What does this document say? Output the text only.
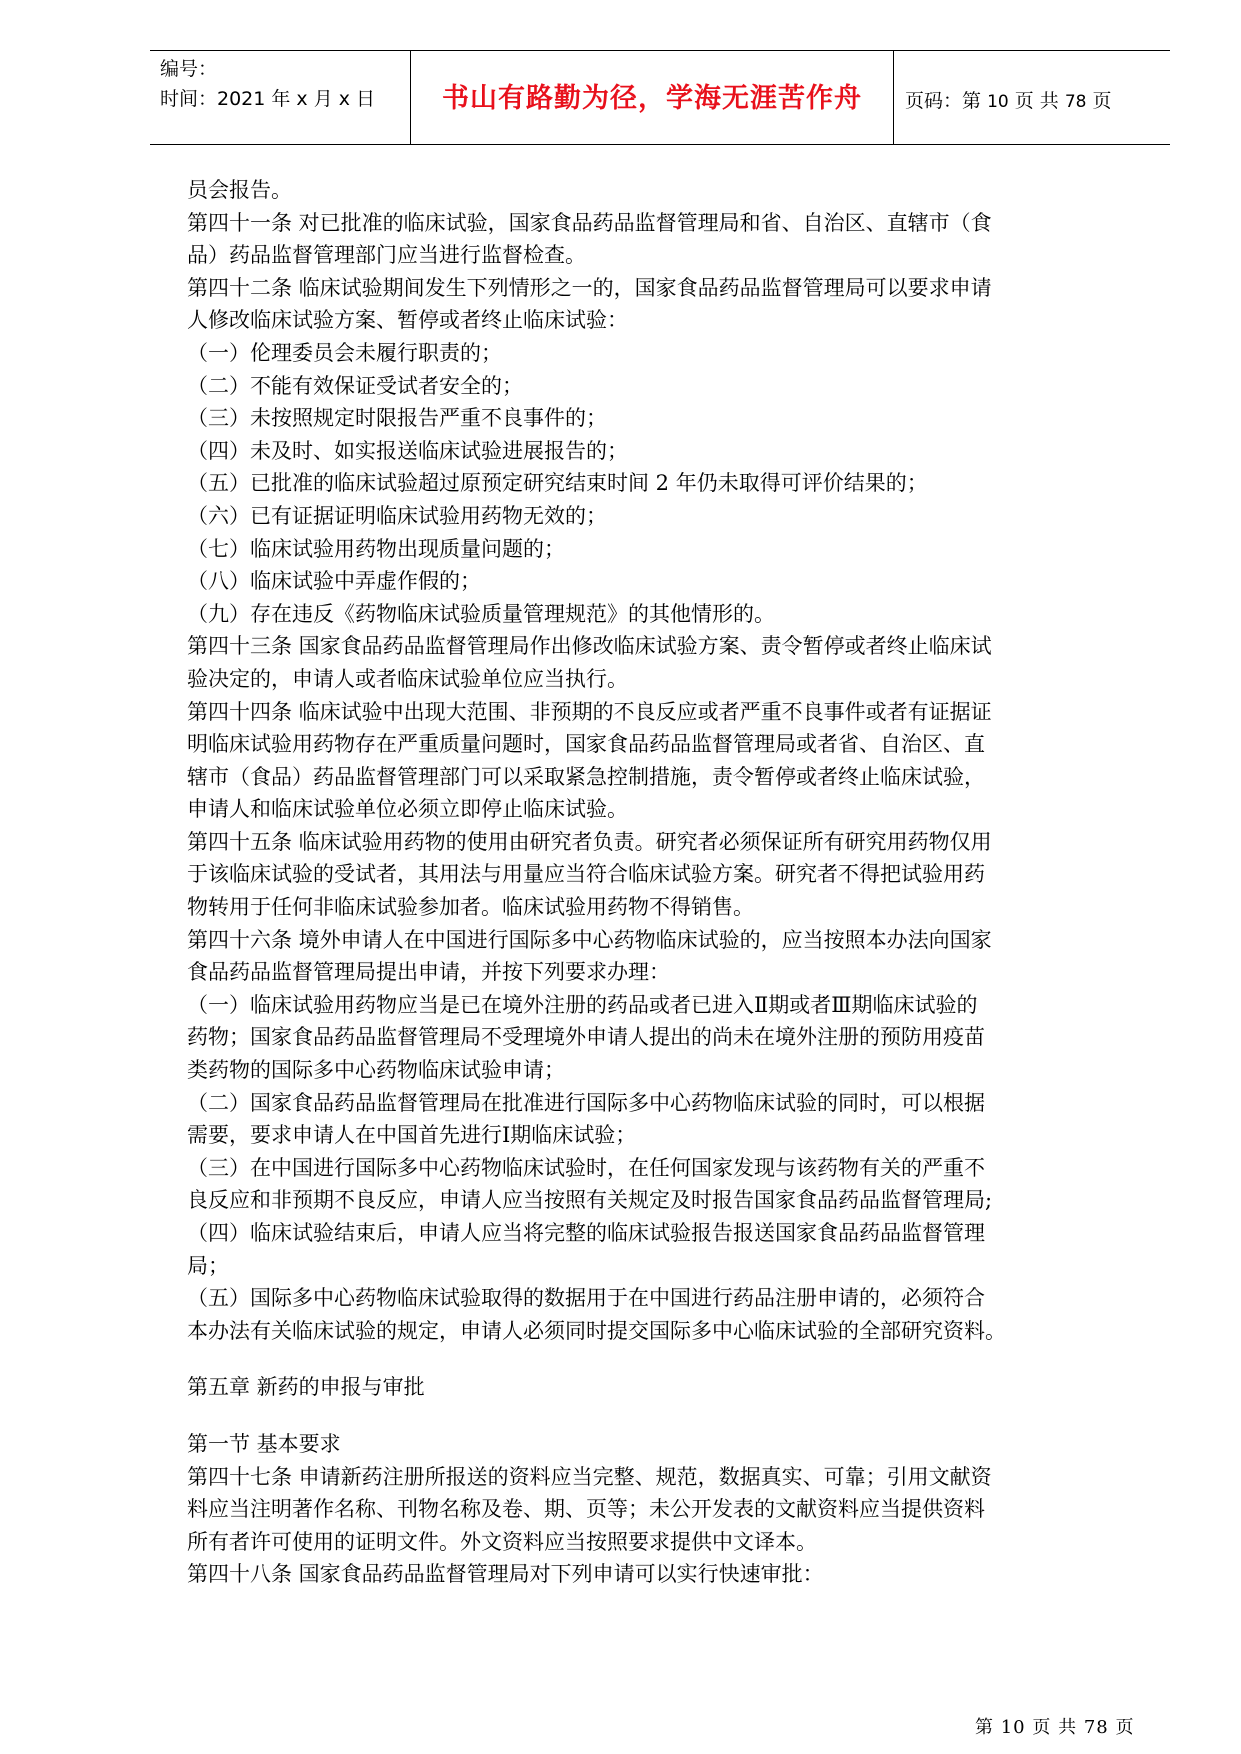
编号：
时间：2021 年 x 月 x 日	书山有路勤为径，学海无涯苦作舟	页码：第 10 页 共 78 页

员会报告。

第四十一条 对已批准的临床试验，国家食品药品监督管理局和省、自治区、直辖市（食

品）药品监督管理部门应当进行监督检查。

第四十二条 临床试验期间发生下列情形之一的，国家食品药品监督管理局可以要求申请

人修改临床试验方案、暂停或者终止临床试验：

（一）伦理委员会未履行职责的；

（二）不能有效保证受试者安全的；

（三）未按照规定时限报告严重不良事件的；

（四）未及时、如实报送临床试验进展报告的；

（五）已批准的临床试验超过原预定研究结束时间 2 年仍未取得可评价结果的；

（六）已有证据证明临床试验用药物无效的；

（七）临床试验用药物出现质量问题的；

（八）临床试验中弄虚作假的；

（九）存在违反《药物临床试验质量管理规范》的其他情形的。

第四十三条 国家食品药品监督管理局作出修改临床试验方案、责令暂停或者终止临床试

验决定的，申请人或者临床试验单位应当执行。

第四十四条 临床试验中出现大范围、非预期的不良反应或者严重不良事件或者有证据证

明临床试验用药物存在严重质量问题时，国家食品药品监督管理局或者省、自治区、直

辖市（食品）药品监督管理部门可以采取紧急控制措施，责令暂停或者终止临床试验，

申请人和临床试验单位必须立即停止临床试验。

第四十五条 临床试验用药物的使用由研究者负责。研究者必须保证所有研究用药物仅用

于该临床试验的受试者，其用法与用量应当符合临床试验方案。研究者不得把试验用药

物转用于任何非临床试验参加者。临床试验用药物不得销售。

第四十六条 境外申请人在中国进行国际多中心药物临床试验的，应当按照本办法向国家

食品药品监督管理局提出申请，并按下列要求办理：

（一）临床试验用药物应当是已在境外注册的药品或者已进入Ⅱ期或者Ⅲ期临床试验的

药物；国家食品药品监督管理局不受理境外申请人提出的尚未在境外注册的预防用疫苗

类药物的国际多中心药物临床试验申请；

（二）国家食品药品监督管理局在批准进行国际多中心药物临床试验的同时，可以根据

需要，要求申请人在中国首先进行Ⅰ期临床试验；

（三）在中国进行国际多中心药物临床试验时，在任何国家发现与该药物有关的严重不

良反应和非预期不良反应，申请人应当按照有关规定及时报告国家食品药品监督管理局;

（四）临床试验结束后，申请人应当将完整的临床试验报告报送国家食品药品监督管理

局；

（五）国际多中心药物临床试验取得的数据用于在中国进行药品注册申请的，必须符合

本办法有关临床试验的规定，申请人必须同时提交国际多中心临床试验的全部研究资料。

第五章 新药的申报与审批

第一节 基本要求

第四十七条 申请新药注册所报送的资料应当完整、规范，数据真实、可靠；引用文献资

料应当注明著作名称、刊物名称及卷、期、页等；未公开发表的文献资料应当提供资料

所有者许可使用的证明文件。外文资料应当按照要求提供中文译本。

第四十八条 国家食品药品监督管理局对下列申请可以实行快速审批：

第 10 页 共 78 页
